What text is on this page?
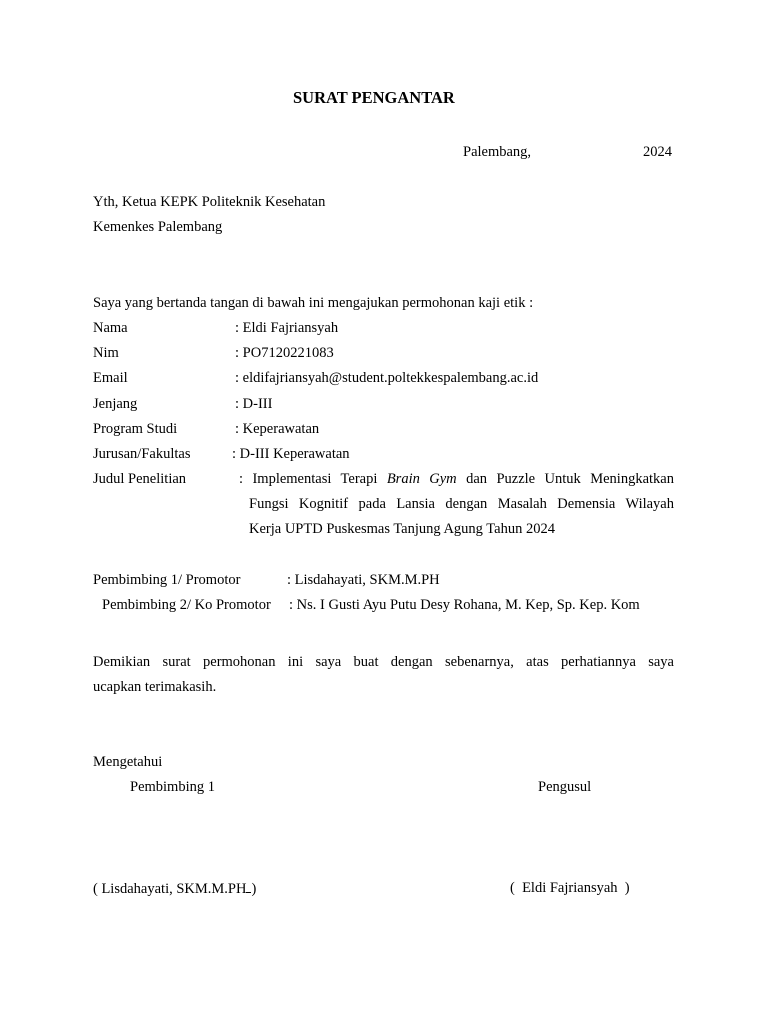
SURAT PENGANTAR
Palembang,	2024
Yth, Ketua KEPK Politeknik Kesehatan
Kemenkes Palembang
Saya yang bertanda tangan di bawah ini mengajukan permohonan kaji etik :
Nama	: Eldi Fajriansyah
Nim	: PO7120221083
Email	: eldifajriansyah@student.poltekkespalembang.ac.id
Jenjang	: D-III
Program Studi	: Keperawatan
Jurusan/Fakultas	: D-III Keperawatan
Judul Penelitian	: Implementasi Terapi Brain Gym dan Puzzle Untuk Meningkatkan
Fungsi Kognitif pada Lansia dengan Masalah Demensia Wilayah
Kerja UPTD Puskesmas Tanjung Agung Tahun 2024
Pembimbing 1/ Promotor	: Lisdahayati, SKM.M.PH
Pembimbing 2/ Ko Promotor : Ns. I Gusti Ayu Putu Desy Rohana, M. Kep, Sp. Kep. Kom
Demikian surat permohonan ini saya buat dengan sebenarnya, atas perhatiannya saya
ucapkan terimakasih.
Mengetahui
Pembimbing 1	Pengusul
( Lisdahayati, SKM.M.PH )	(  Eldi Fajriansyah  )
